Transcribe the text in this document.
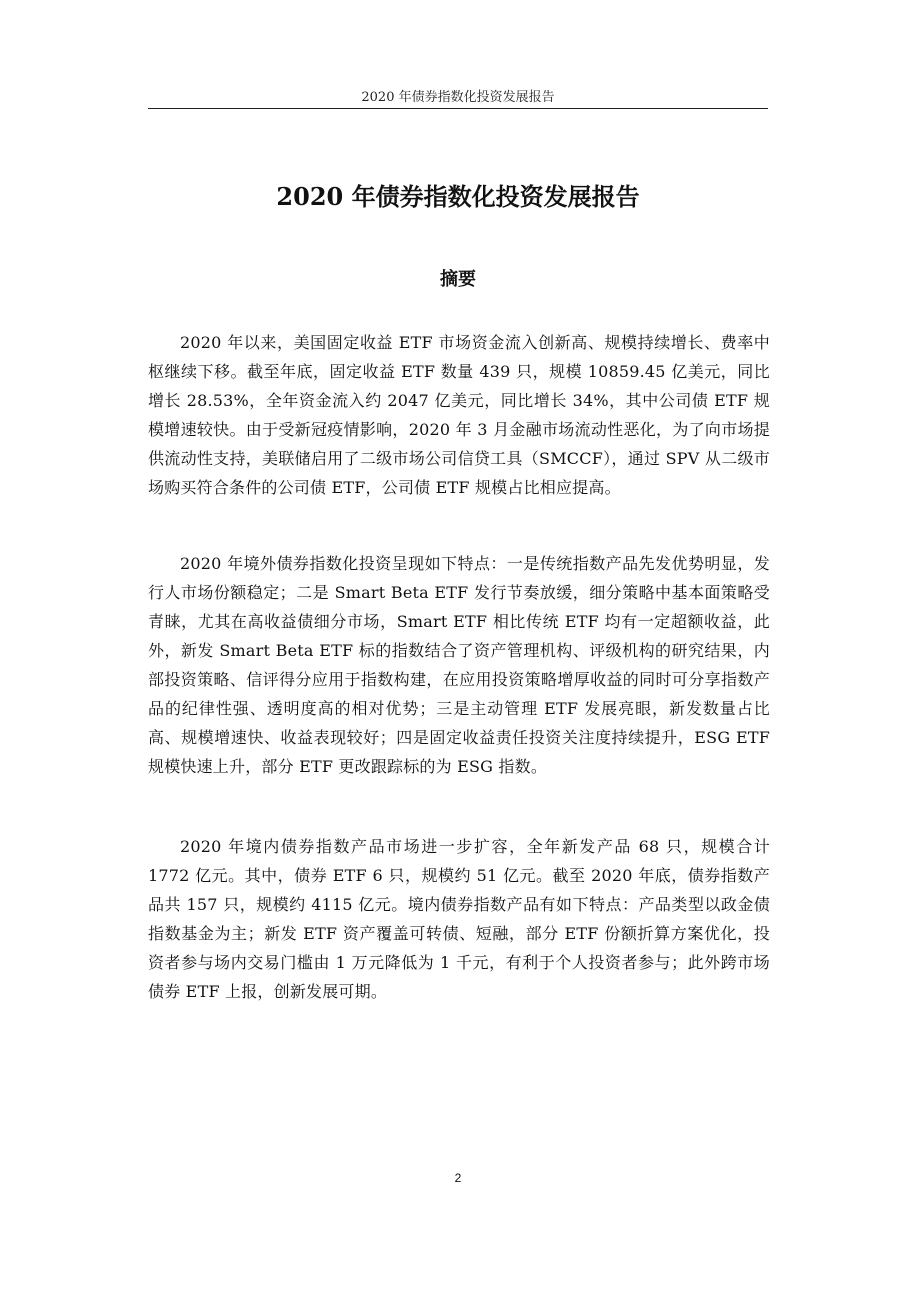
2020 年债券指数化投资发展报告
2020 年债券指数化投资发展报告
摘要

2020 年以来，美国固定收益 ETF 市场资金流入创新高、规模持续增长、费率中枢继续下移。截至年底，固定收益 ETF 数量 439 只，规模 10859.45 亿美元，同比增长 28.53%，全年资金流入约 2047 亿美元，同比增长 34%，其中公司债 ETF 规模增速较快。由于受新冠疫情影响，2020 年 3 月金融市场流动性恶化，为了向市场提供流动性支持，美联储启用了二级市场公司信贷工具（SMCCF），通过 SPV 从二级市场购买符合条件的公司债 ETF，公司债 ETF 规模占比相应提高。

2020 年境外债券指数化投资呈现如下特点：一是传统指数产品先发优势明显，发行人市场份额稳定；二是 Smart Beta ETF 发行节奏放缓，细分策略中基本面策略受青睐，尤其在高收益债细分市场，Smart ETF 相比传统 ETF 均有一定超额收益，此外，新发 Smart Beta ETF 标的指数结合了资产管理机构、评级机构的研究结果，内部投资策略、信评得分应用于指数构建，在应用投资策略增厚收益的同时可分享指数产品的纪律性强、透明度高的相对优势；三是主动管理 ETF 发展亮眼，新发数量占比高、规模增速快、收益表现较好；四是固定收益责任投资关注度持续提升，ESG ETF 规模快速上升，部分 ETF 更改跟踪标的为 ESG 指数。

2020 年境内债券指数产品市场进一步扩容，全年新发产品 68 只，规模合计 1772 亿元。其中，债券 ETF 6 只，规模约 51 亿元。截至 2020 年底，债券指数产品共 157 只，规模约 4115 亿元。境内债券指数产品有如下特点：产品类型以政金债指数基金为主；新发 ETF 资产覆盖可转债、短融，部分 ETF 份额折算方案优化，投资者参与场内交易门槛由 1 万元降低为 1 千元，有利于个人投资者参与；此外跨市场债券 ETF 上报，创新发展可期。

2
